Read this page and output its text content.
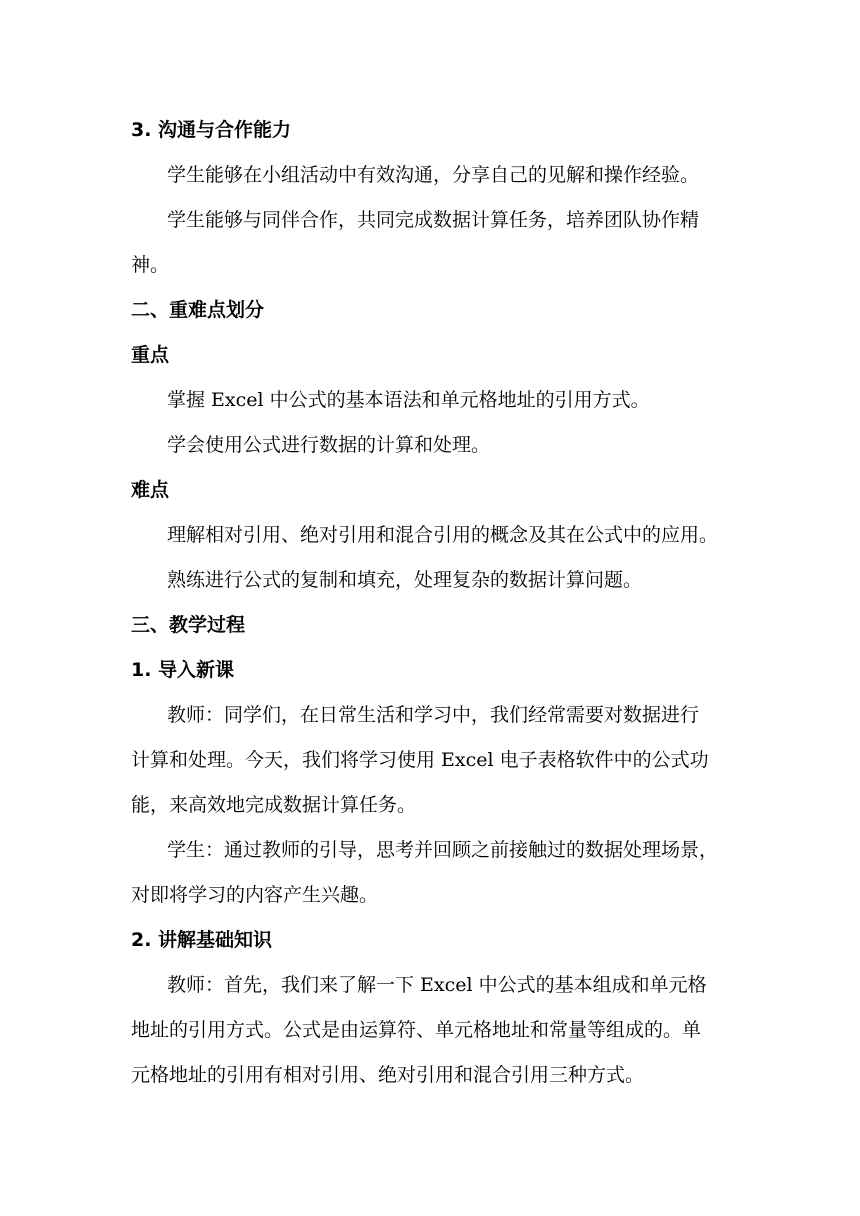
3. 沟通与合作能力
学生能够在小组活动中有效沟通，分享自己的见解和操作经验。
学生能够与同伴合作，共同完成数据计算任务，培养团队协作精
神。
二、重难点划分
重点
掌握 Excel 中公式的基本语法和单元格地址的引用方式。
学会使用公式进行数据的计算和处理。
难点
理解相对引用、绝对引用和混合引用的概念及其在公式中的应用。
熟练进行公式的复制和填充，处理复杂的数据计算问题。
三、教学过程
1. 导入新课
教师：同学们，在日常生活和学习中，我们经常需要对数据进行
计算和处理。今天，我们将学习使用 Excel 电子表格软件中的公式功
能，来高效地完成数据计算任务。
学生：通过教师的引导，思考并回顾之前接触过的数据处理场景，
对即将学习的内容产生兴趣。
2. 讲解基础知识
教师：首先，我们来了解一下 Excel 中公式的基本组成和单元格
地址的引用方式。公式是由运算符、单元格地址和常量等组成的。单
元格地址的引用有相对引用、绝对引用和混合引用三种方式。
